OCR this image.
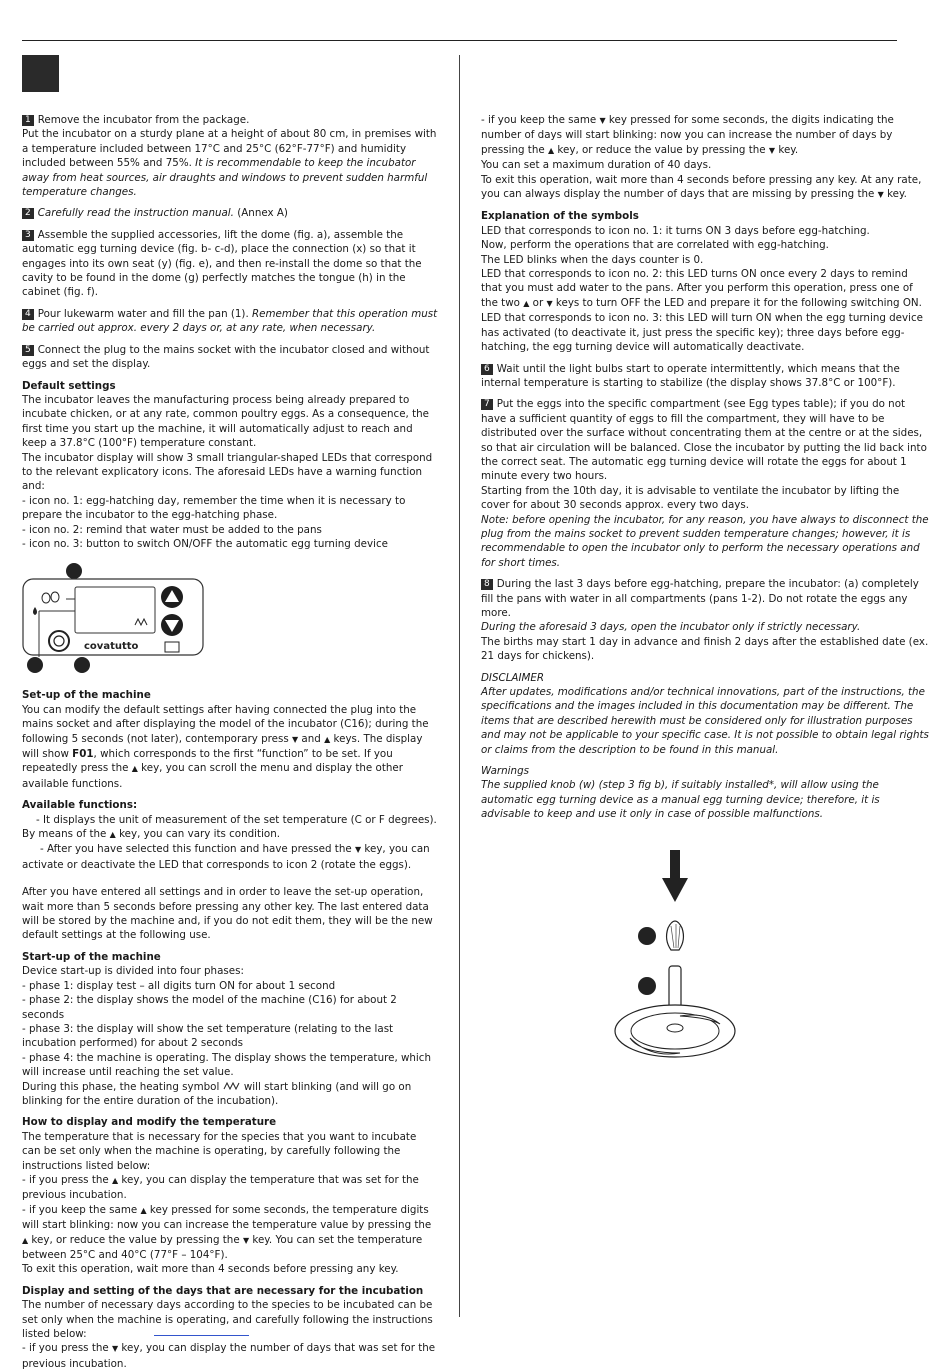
1 Remove the incubator from the package.

Put the incubator on a sturdy plane at a height of about 80 cm, in premises with a temperature included between 17°C and 25°C (62°F-77°F) and humidity included between 55% and 75%. It is recommendable to keep the incubator away from heat sources, air draughts and windows to prevent sudden harmful temperature changes.

2 Carefully read the instruction manual. (Annex A)

3 Assemble the supplied accessories, lift the dome (fig. a), assemble the automatic egg turning device (fig. b- c-d), place the connection (x) so that it engages into its own seat (y) (fig. e), and then re-install the dome so that the cavity to be found in the dome (g) perfectly matches the tongue (h) in the cabinet (fig. f).

4 Pour lukewarm water and fill the pan (1). Remember that this operation must be carried out approx. every 2 days or, at any rate, when necessary.

5 Connect the plug to the mains socket with the incubator closed and without eggs and set the display.

Default settings

The incubator leaves the manufacturing process being already prepared to incubate chicken, or at any rate, common poultry eggs. As a consequence, the first time you start up the machine, it will automatically adjust to reach and keep a 37.8°C (100°F) temperature constant.

The incubator display will show 3 small triangular-shaped LEDs that correspond to the relevant explicatory icons. The aforesaid LEDs have a warning function and:

- icon no. 1: egg-hatching day, remember the time when it is necessary to prepare the incubator to the egg-hatching phase.

- icon no. 2: remind that water must be added to the pans

- icon no. 3: button to switch ON/OFF the automatic egg turning device

covatutto

Set-up of the machine

You can modify the default settings after having connected the plug into the mains socket and after displaying the model of the incubator (C16); during the following 5 seconds (not later), contemporary press ▼ and ▲ keys. The display will show F01, which corresponds to the first “function” to be set. If you repeatedly press the ▲ key, you can scroll the menu and display the other available functions.

Available functions:

- It displays the unit of measurement of the set temperature (C or F degrees). By means of the ▲ key, you can vary its condition.

- After you have selected this function and have pressed the ▼ key, you can activate or deactivate the LED that corresponds to icon 2 (rotate the eggs).

After you have entered all settings and in order to leave the set-up operation, wait more than 5 seconds before pressing any other key. The last entered data will be stored by the machine and, if you do not edit them, they will be the new default settings at the following use.

Start-up of the machine

Device start-up is divided into four phases:

- phase 1: display test – all digits turn ON for about 1 second

- phase 2: the display shows the model of the machine (C16) for about 2 seconds

- phase 3: the display will show the set temperature (relating to the last incubation performed) for about 2 seconds

- phase 4: the machine is operating. The display shows the temperature, which will increase until reaching the set value.

During this phase, the heating symbol  will start blinking (and will go on blinking for the entire duration of the incubation).

How to display and modify the temperature

The temperature that is necessary for the species that you want to incubate can be set only when the machine is operating, by carefully following the instructions listed below:

- if you press the ▲ key, you can display the temperature that was set for the previous incubation.

- if you keep the same ▲ key pressed for some seconds, the temperature digits will start blinking: now you can increase the temperature value by pressing the ▲ key, or reduce the value by pressing the ▼ key. You can set the temperature between 25°C and 40°C (77°F – 104°F).

To exit this operation, wait more than 4 seconds before pressing any key.

Display and setting of the days that are necessary for the incubation

The number of necessary days according to the species to be incubated can be set only when the machine is operating, and carefully following the instructions listed below:

- if you press the ▼ key, you can display the number of days that was set for the previous incubation.

- if you keep the same ▼ key pressed for some seconds, the digits indicating the number of days will start blinking: now you can increase the number of days by pressing the ▲ key, or reduce the value by pressing the ▼ key.

You can set a maximum duration of 40 days.

To exit this operation, wait more than 4 seconds before pressing any key. At any rate, you can always display the number of days that are missing by pressing the ▼ key.

Explanation of the symbols

LED that corresponds to icon no. 1: it turns ON 3 days before egg-hatching.

Now, perform the operations that are correlated with egg-hatching.

The LED blinks when the days counter is 0.

LED that corresponds to icon no. 2: this LED turns ON once every 2 days to remind that you must add water to the pans. After you perform this operation, press one of the two ▲ or ▼ keys to turn OFF the LED and prepare it for the following switching ON.

LED that corresponds to icon no. 3: this LED will turn ON when the egg turning device has activated (to deactivate it, just press the specific key); three days before egg-hatching, the egg turning device will automatically deactivate.

6 Wait until the light bulbs start to operate intermittently, which means that the internal temperature is starting to stabilize (the display shows 37.8°C or 100°F).

7 Put the eggs into the specific compartment (see Egg types table); if you do not have a sufficient quantity of eggs to fill the compartment, they will have to be distributed over the surface without concentrating them at the centre or at the sides, so that air circulation will be balanced. Close the incubator by putting the lid back into the correct seat. The automatic egg turning device will rotate the eggs for about 1 minute every two hours.

Starting from the 10th day, it is advisable to ventilate the incubator by lifting the cover for about 30 seconds approx. every two days.

Note: before opening the incubator, for any reason, you have always to disconnect the plug from the mains socket to prevent sudden temperature changes; however, it is recommendable to open the incubator only to perform the necessary operations and for short times.

8 During the last 3 days before egg-hatching, prepare the incubator: (a) completely fill the pans with water in all compartments (pans 1-2). Do not rotate the eggs any more.

During the aforesaid 3 days, open the incubator only if strictly necessary.

The births may start 1 day in advance and finish 2 days after the established date (ex. 21 days for chickens).

DISCLAIMER

After updates, modifications and/or technical innovations, part of the instructions, the specifications and the images included in this documentation may be different. The items that are described herewith must be considered only for illustration purposes and may not be applicable to your specific case. It is not possible to obtain legal rights or claims from the description to be found in this manual.

Warnings

The supplied knob (w) (step 3 fig b), if suitably installed*, will allow using the automatic egg turning device as a manual egg turning device; therefore, it is advisable to keep and use it only in case of possible malfunctions.
